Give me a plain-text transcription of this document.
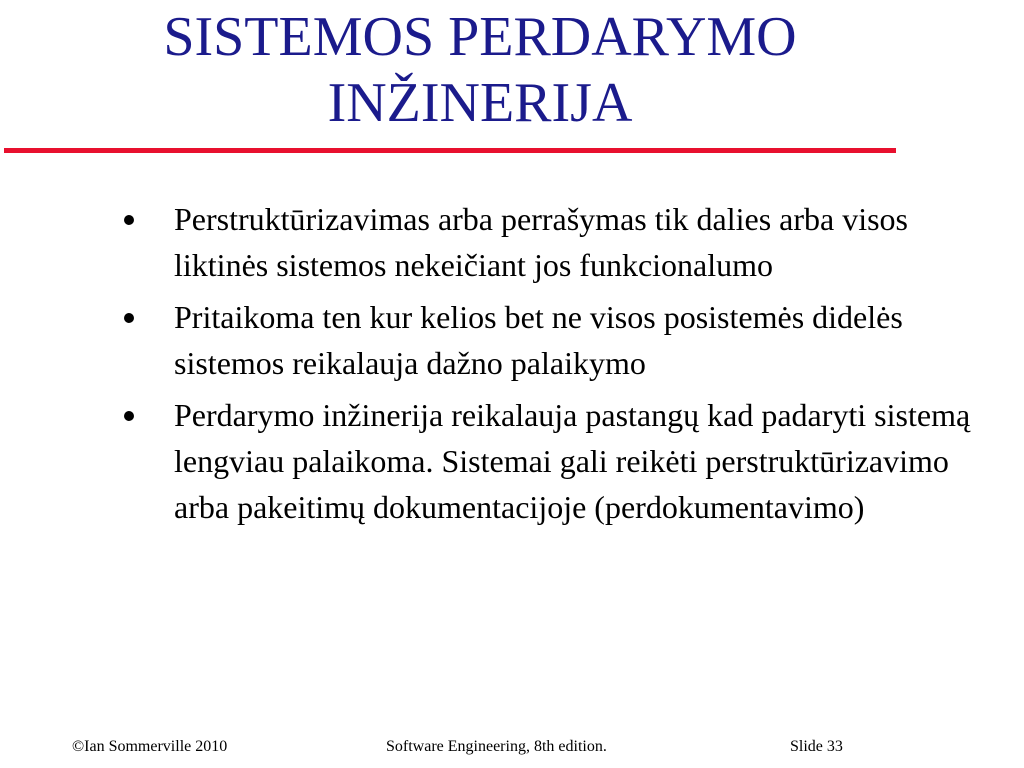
SISTEMOS PERDARYMO
INŽINERIJA
Perstruktūrizavimas arba perrašymas tik dalies arba visos liktinės sistemos nekeičiant jos funkcionalumo
Pritaikoma ten kur kelios bet ne visos posistemės didelės sistemos reikalauja dažno palaikymo
Perdarymo inžinerija reikalauja pastangų kad padaryti sistemą lengviau palaikoma. Sistemai gali reikėti perstruktūrizavimo arba pakeitimų dokumentacijoje (perdokumentavimo)
©Ian Sommerville 2010	Software Engineering, 8th edition.	Slide 33
